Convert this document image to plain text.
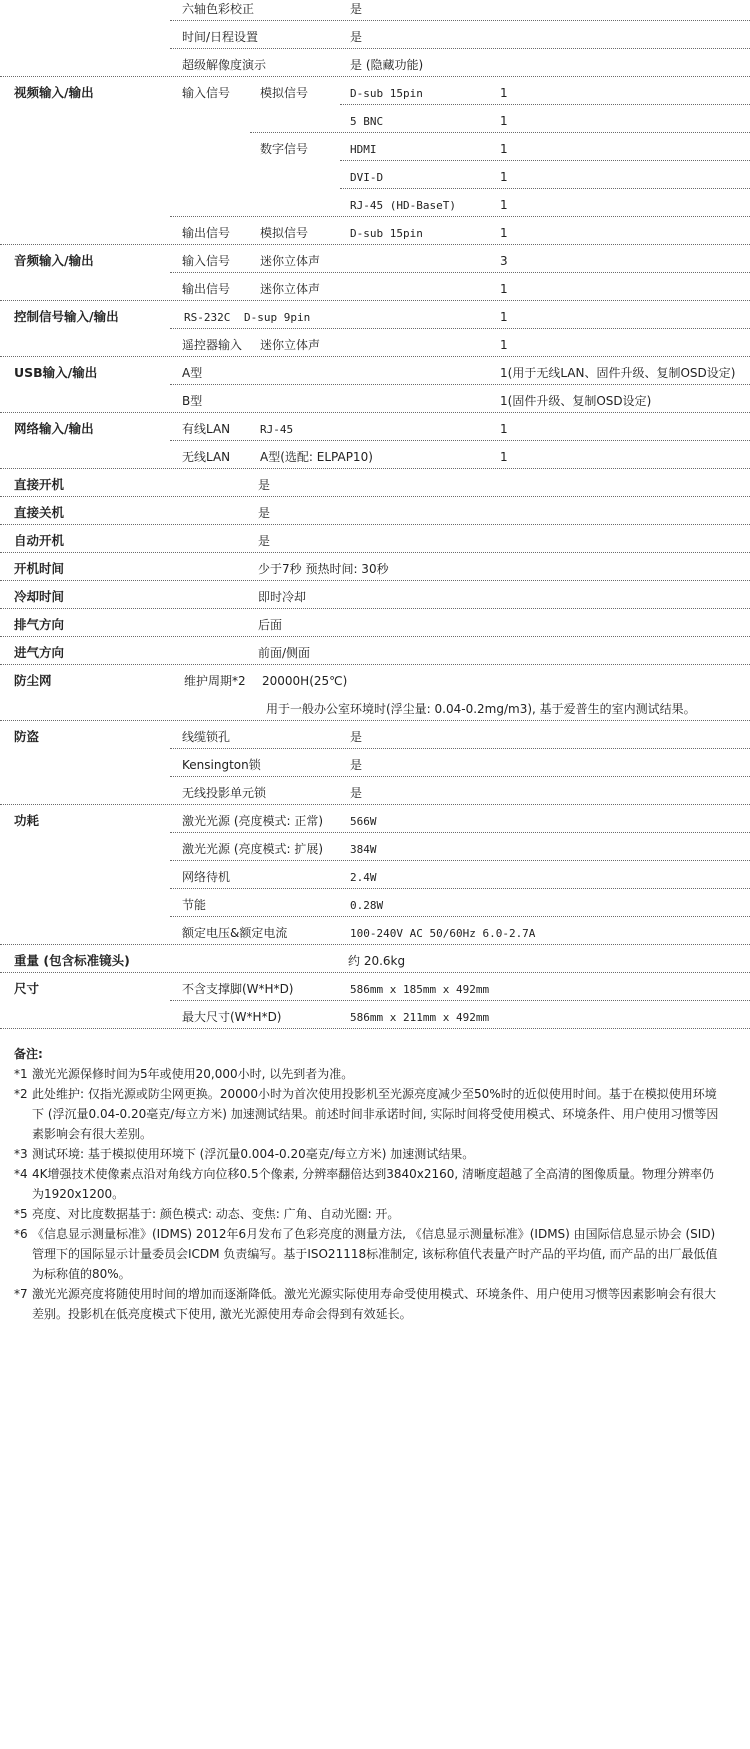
六轴色彩校正	是
时间/日程设置	是
超级解像度演示	是 (隐藏功能)
视频输入/输出	输入信号 模拟信号	D-sub 15pin	1
5 BNC	1
数字信号	HDMI	1
DVI-D	1
RJ-45 (HD-BaseT)	1
输出信号 模拟信号	D-sub 15pin	1
音频输入/输出	输入信号 迷你立体声	3
输出信号 迷你立体声	1
控制信号输入/输出	RS-232C D-sup 9pin	1
遥控器输入 迷你立体声	1
USB输入/输出	A型	1(用于无线LAN、固件升级、复制OSD设定)
B型	1(固件升级、复制OSD设定)
网络输入/输出	有线LAN	RJ-45	1
无线LAN A型(选配: ELPAP10)	1
直接开机	是
直接关机	是
自动开机	是
开机时间	少于7秒 预热时间: 30秒
冷却时间	即时冷却
排气方向	后面
进气方向	前面/侧面
防尘网	维护周期*2 20000H(25℃)
用于一般办公室环境时(浮尘量: 0.04-0.2mg/m3), 基于爱普生的室内测试结果。
防盗	线缆锁孔	是
Kensington锁	是
无线投影单元锁	是
功耗	激光光源 (亮度模式: 正常) 566W
激光光源 (亮度模式: 扩展) 384W
网络待机	2.4W
节能	0.28W
额定电压&额定电流	100-240V AC 50/60Hz 6.0-2.7A
重量 (包含标准镜头)	约 20.6kg
尺寸	不含支撑脚(W*H*D)	586mm x 185mm x 492mm
最大尺寸(W*H*D)	586mm x 211mm x 492mm
备注:
*1 激光光源保修时间为5年或使用20,000小时, 以先到者为准。
*2 此处维护: 仅指光源或防尘网更换。20000小时为首次使用投影机至光源亮度减少至50%时的近似使用时间。基于在模拟使用环境下 (浮沉量0.04-0.20毫克/每立方米) 加速测试结果。前述时间非承诺时间, 实际时间将受使用模式、环境条件、用户使用习惯等因素影响会有很大差别。
*3 测试环境: 基于模拟使用环境下 (浮沉量0.004-0.20毫克/每立方米) 加速测试结果。
*4 4K增强技术使像素点沿对角线方向位移0.5个像素, 分辨率翻倍达到3840x2160, 清晰度超越了全高清的图像质量。物理分辨率仍为1920x1200。
*5 亮度、对比度数据基于: 颜色模式: 动态、变焦: 广角、自动光圈: 开。
*6 《信息显示测量标准》(IDMS) 2012年6月发布了色彩亮度的测量方法, 《信息显示测量标准》(IDMS) 由国际信息显示协会 (SID) 管理下的国际显示计量委员会ICDM 负责编写。基于ISO21118标准制定, 该标称值代表量产时产品的平均值, 而产品的出厂最低值为标称值的80%。
*7 激光光源亮度将随使用时间的增加而逐渐降低。激光光源实际使用寿命受使用模式、环境条件、用户使用习惯等因素影响会有很大差别。投影机在低亮度模式下使用, 激光光源使用寿命会得到有效延长。
